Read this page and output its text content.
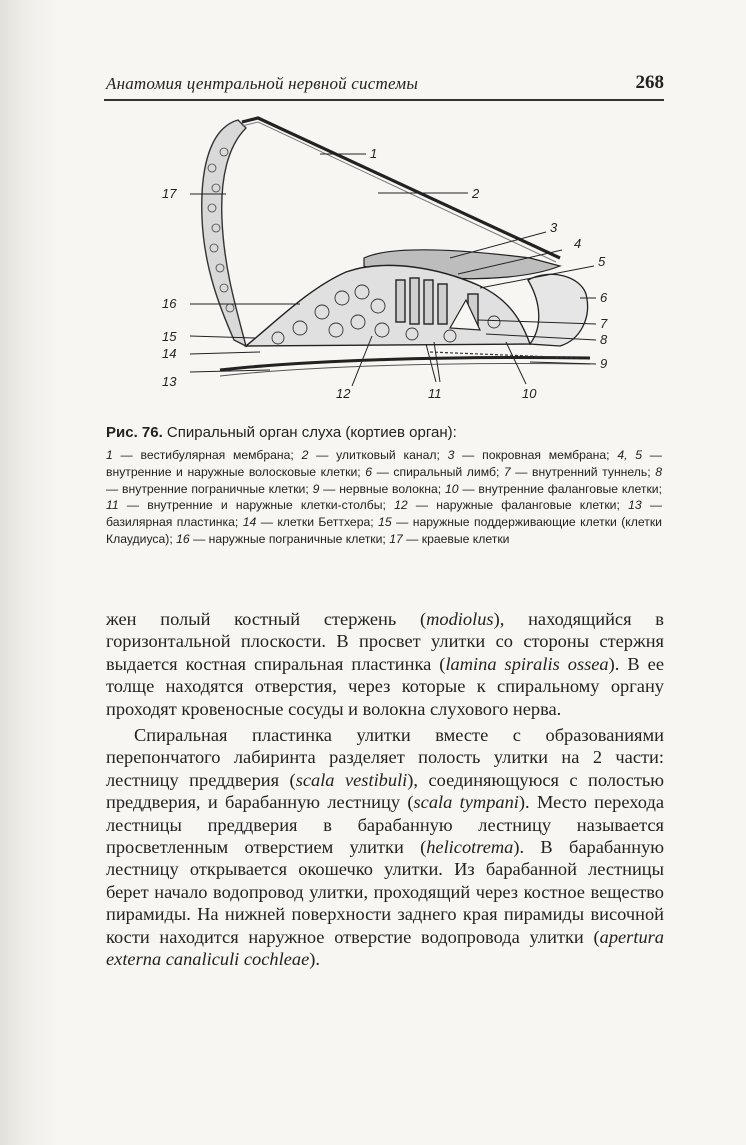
Анатомия центральной нервной системы	268
1
2
3
4
5
6
7
8
9
10
11
12
13
14
15
16
17

Рис. 76. Спиральный орган слуха (кортиев орган):

1 — вестибулярная мембрана; 2 — улитковый канал; 3 — покровная мембрана; 4, 5 — внутренние и наружные волосковые клетки; 6 — спиральный лимб; 7 — внутренний туннель; 8 — внутренние пограничные клетки; 9 — нервные волокна; 10 — внутренние фаланговые клетки; 11 — внутренние и наружные клетки-столбы; 12 — наружные фаланговые клетки; 13 — базилярная пластинка; 14 — клетки Беттхера; 15 — наружные поддерживающие клетки (клетки Клаудиуса); 16 — наружные пограничные клетки; 17 — краевые клетки

жен полый костный стержень (modiolus), находящийся в горизонтальной плоскости. В просвет улитки со стороны стержня выдается костная спиральная пластинка (lamina spiralis ossea). В ее толще находятся отверстия, через которые к спиральному органу проходят кровеносные сосуды и волокна слухового нерва.

Спиральная пластинка улитки вместе с образованиями перепончатого лабиринта разделяет полость улитки на 2 части: лестницу преддверия (scala vestibuli), соединяющуюся с полостью преддверия, и барабанную лестницу (scala tympani). Место перехода лестницы преддверия в барабанную лестницу называется просветленным отверстием улитки (helicotrema). В барабанную лестницу открывается окошечко улитки. Из барабанной лестницы берет начало водопровод улитки, проходящий через костное вещество пирамиды. На нижней поверхности заднего края пирамиды височной кости находится наружное отверстие водопровода улитки (apertura externa canaliculi cochleae).
